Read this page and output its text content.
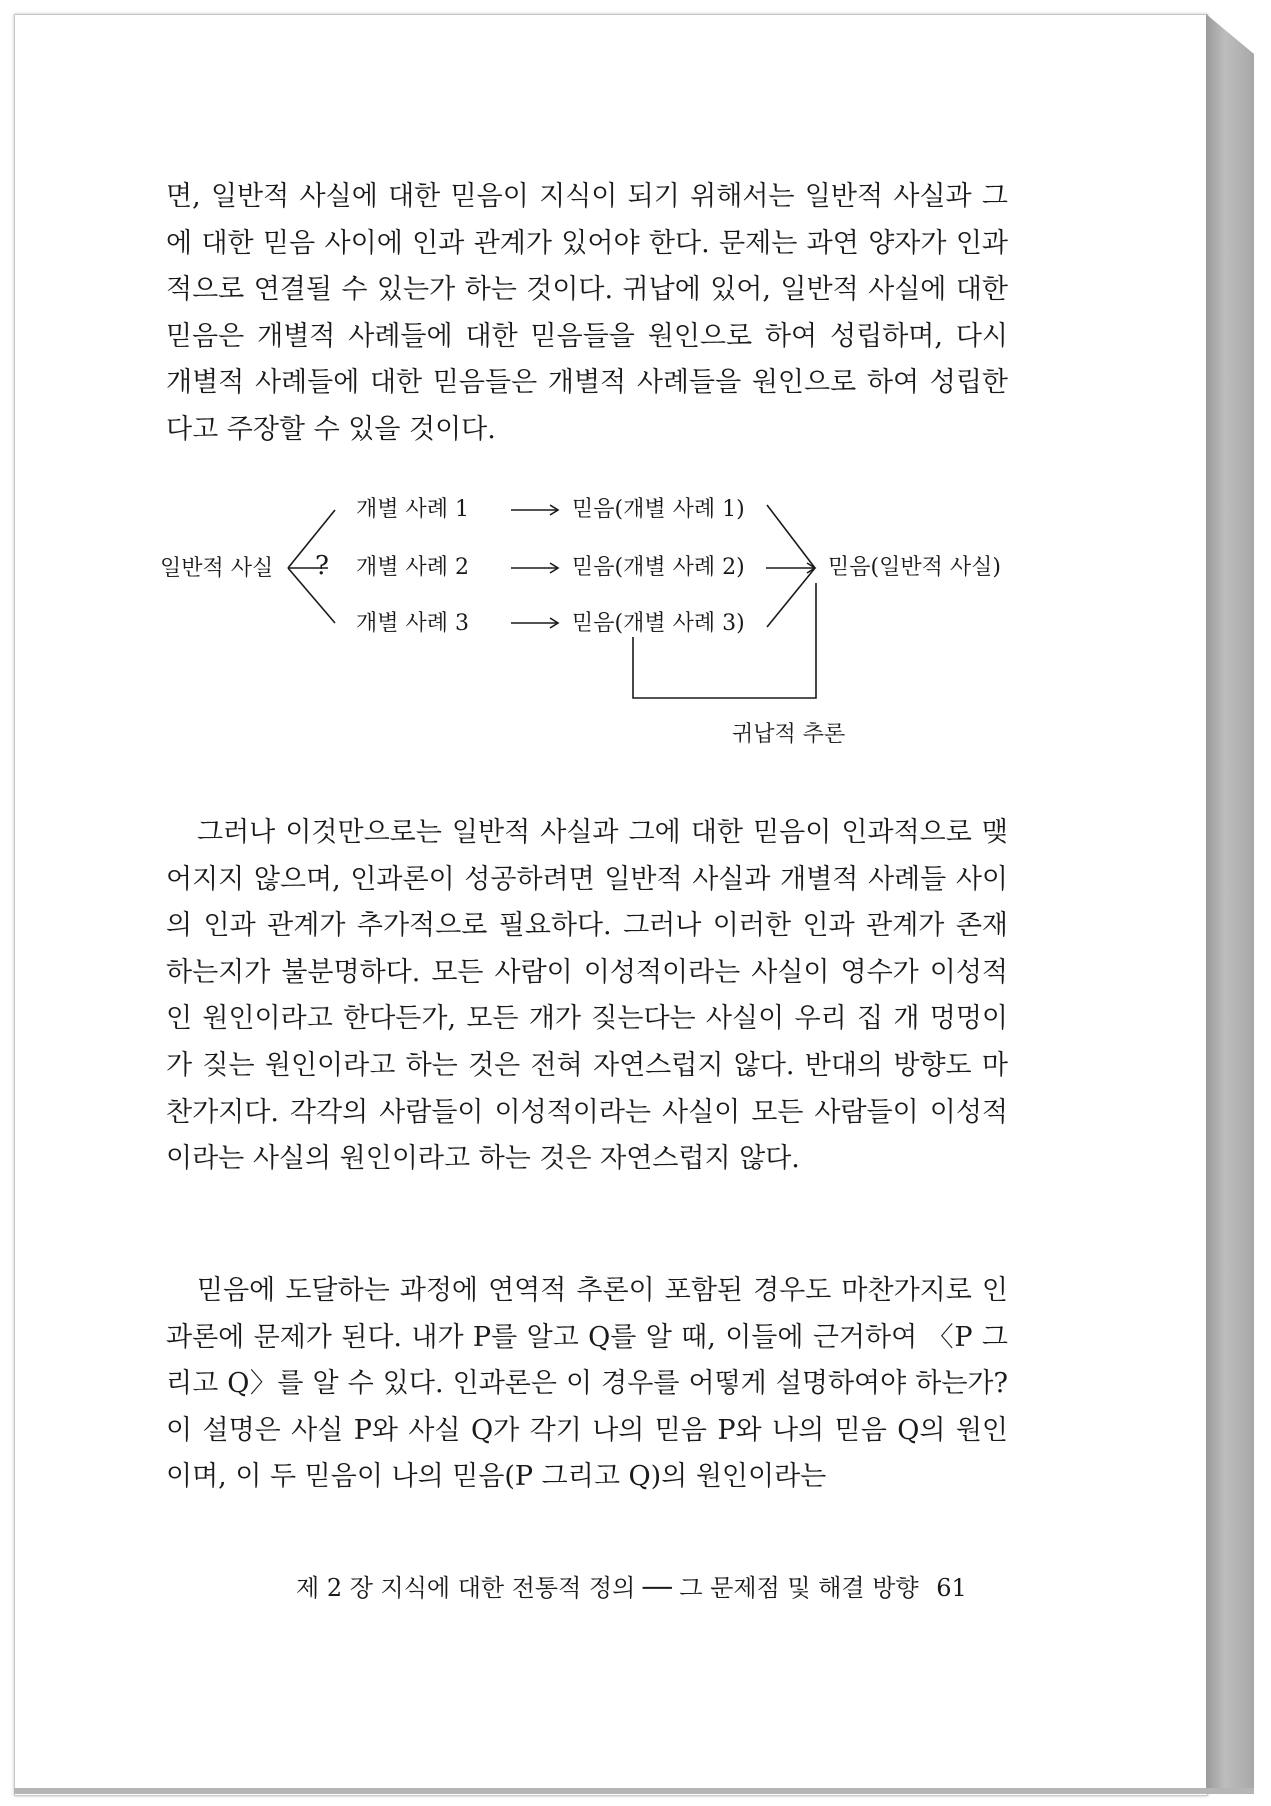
면, 일반적 사실에 대한 믿음이 지식이 되기 위해서는 일반적 사실과 그에 대한 믿음 사이에 인과 관계가 있어야 한다. 문제는 과연 양자가 인과적으로 연결될 수 있는가 하는 것이다. 귀납에 있어, 일반적 사실에 대한 믿음은 개별적 사례들에 대한 믿음들을 원인으로 하여 성립하며, 다시 개별적 사례들에 대한 믿음들은 개별적 사례들을 원인으로 하여 성립한다고 주장할 수 있을 것이다.

일반적 사실 ?
개별 사례 1
개별 사례 2
개별 사례 3
믿음(개별 사례 1)
믿음(개별 사례 2)
믿음(개별 사례 3)
믿음(일반적 사실)
귀납적 추론

그러나 이것만으로는 일반적 사실과 그에 대한 믿음이 인과적으로 맺어지지 않으며, 인과론이 성공하려면 일반적 사실과 개별적 사례들 사이의 인과 관계가 추가적으로 필요하다. 그러나 이러한 인과 관계가 존재하는지가 불분명하다. 모든 사람이 이성적이라는 사실이 영수가 이성적인 원인이라고 한다든가, 모든 개가 짖는다는 사실이 우리 집 개 멍멍이가 짖는 원인이라고 하는 것은 전혀 자연스럽지 않다. 반대의 방향도 마찬가지다. 각각의 사람들이 이성적이라는 사실이 모든 사람들이 이성적이라는 사실의 원인이라고 하는 것은 자연스럽지 않다.

믿음에 도달하는 과정에 연역적 추론이 포함된 경우도 마찬가지로 인과론에 문제가 된다. 내가 P를 알고 Q를 알 때, 이들에 근거하여 〈P 그리고 Q〉를 알 수 있다. 인과론은 이 경우를 어떻게 설명하여야 하는가? 이 설명은 사실 P와 사실 Q가 각기 나의 믿음 P와 나의 믿음 Q의 원인이며, 이 두 믿음이 나의 믿음(P 그리고 Q)의 원인이라는

제 2 장 지식에 대한 전통적 정의 ── 그 문제점 및 해결 방향 61
